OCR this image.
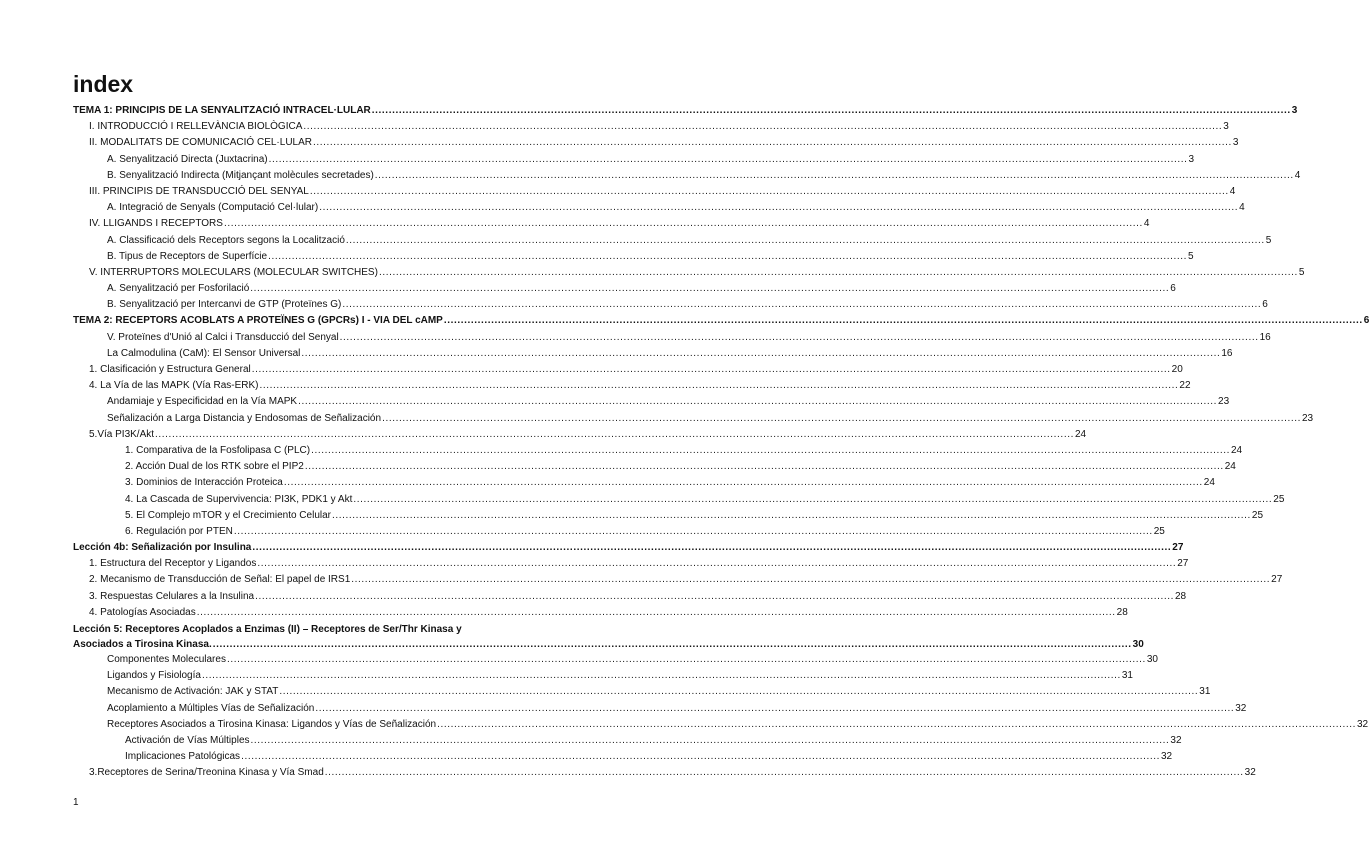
index
TEMA 1: PRINCIPIS DE LA SENYALITZACIÓ INTRACEL·LULAR .....	3
I. INTRODUCCIÓ I RELLEVÀNCIA BIOLÒGICA .....	3
II. MODALITATS DE COMUNICACIÓ CEL·LULAR .....	3
A. Senyalització Directa (Juxtacrina) .....	3
B. Senyalització Indirecta (Mitjançant molècules secretades) .....	4
III. PRINCIPIS DE TRANSDUCCIÓ DEL SENYAL .....	4
A. Integració de Senyals (Computació Cel·lular) .....	4
IV. LLIGANDS I RECEPTORS .....	4
A. Classificació dels Receptors segons la Localització .....	5
B. Tipus de Receptors de Superfície .....	5
V. INTERRUPTORS MOLECULARS (MOLECULAR SWITCHES) .....	5
A. Senyalització per Fosforilació .....	6
B. Senyalització per Intercanvi de GTP (Proteïnes G) .....	6
TEMA 2: RECEPTORS ACOBLATS A PROTEÏNES G (GPCRs) I - VIA DEL cAMP .....	6
V. Proteïnes d'Unió al Calci i Transducció del Senyal .....	16
La Calmodulina (CaM): El Sensor Universal .....	16
1. Clasificación y Estructura General .....	20
4. La Vía de las MAPK (Vía Ras-ERK) .....	22
Andamiaje y Especificidad en la Vía MAPK .....	23
Señalización a Larga Distancia y Endosomas de Señalización .....	23
5.Vía PI3K/Akt .....	24
1. Comparativa de la Fosfolipasa C (PLC) .....	24
2. Acción Dual de los RTK sobre el PIP2 .....	24
3. Dominios de Interacción Proteica .....	24
4. La Cascada de Supervivencia: PI3K, PDK1 y Akt .....	25
5. El Complejo mTOR y el Crecimiento Celular .....	25
6. Regulación por PTEN .....	25
Lección 4b: Señalización por Insulina .....	27
1. Estructura del Receptor y Ligandos .....	27
2. Mecanismo de Transducción de Señal: El papel de IRS1 .....	27
3. Respuestas Celulares a la Insulina .....	28
4. Patologías Asociadas .....	28
Lección 5: Receptores Acoplados a Enzimas (II) – Receptores de Ser/Thr Kinasa y
Asociados a Tirosina Kinasa. .....	30
Componentes Moleculares .....	30
Ligandos y Fisiología .....	31
Mecanismo de Activación: JAK y STAT .....	31
Acoplamiento a Múltiples Vías de Señalización .....	32
Receptores Asociados a Tirosina Kinasa: Ligandos y Vías de Señalización .....	32
Activación de Vías Múltiples .....	32
Implicaciones Patológicas .....	32
3.Receptores de Serina/Treonina Kinasa y Vía Smad .....	32
1
